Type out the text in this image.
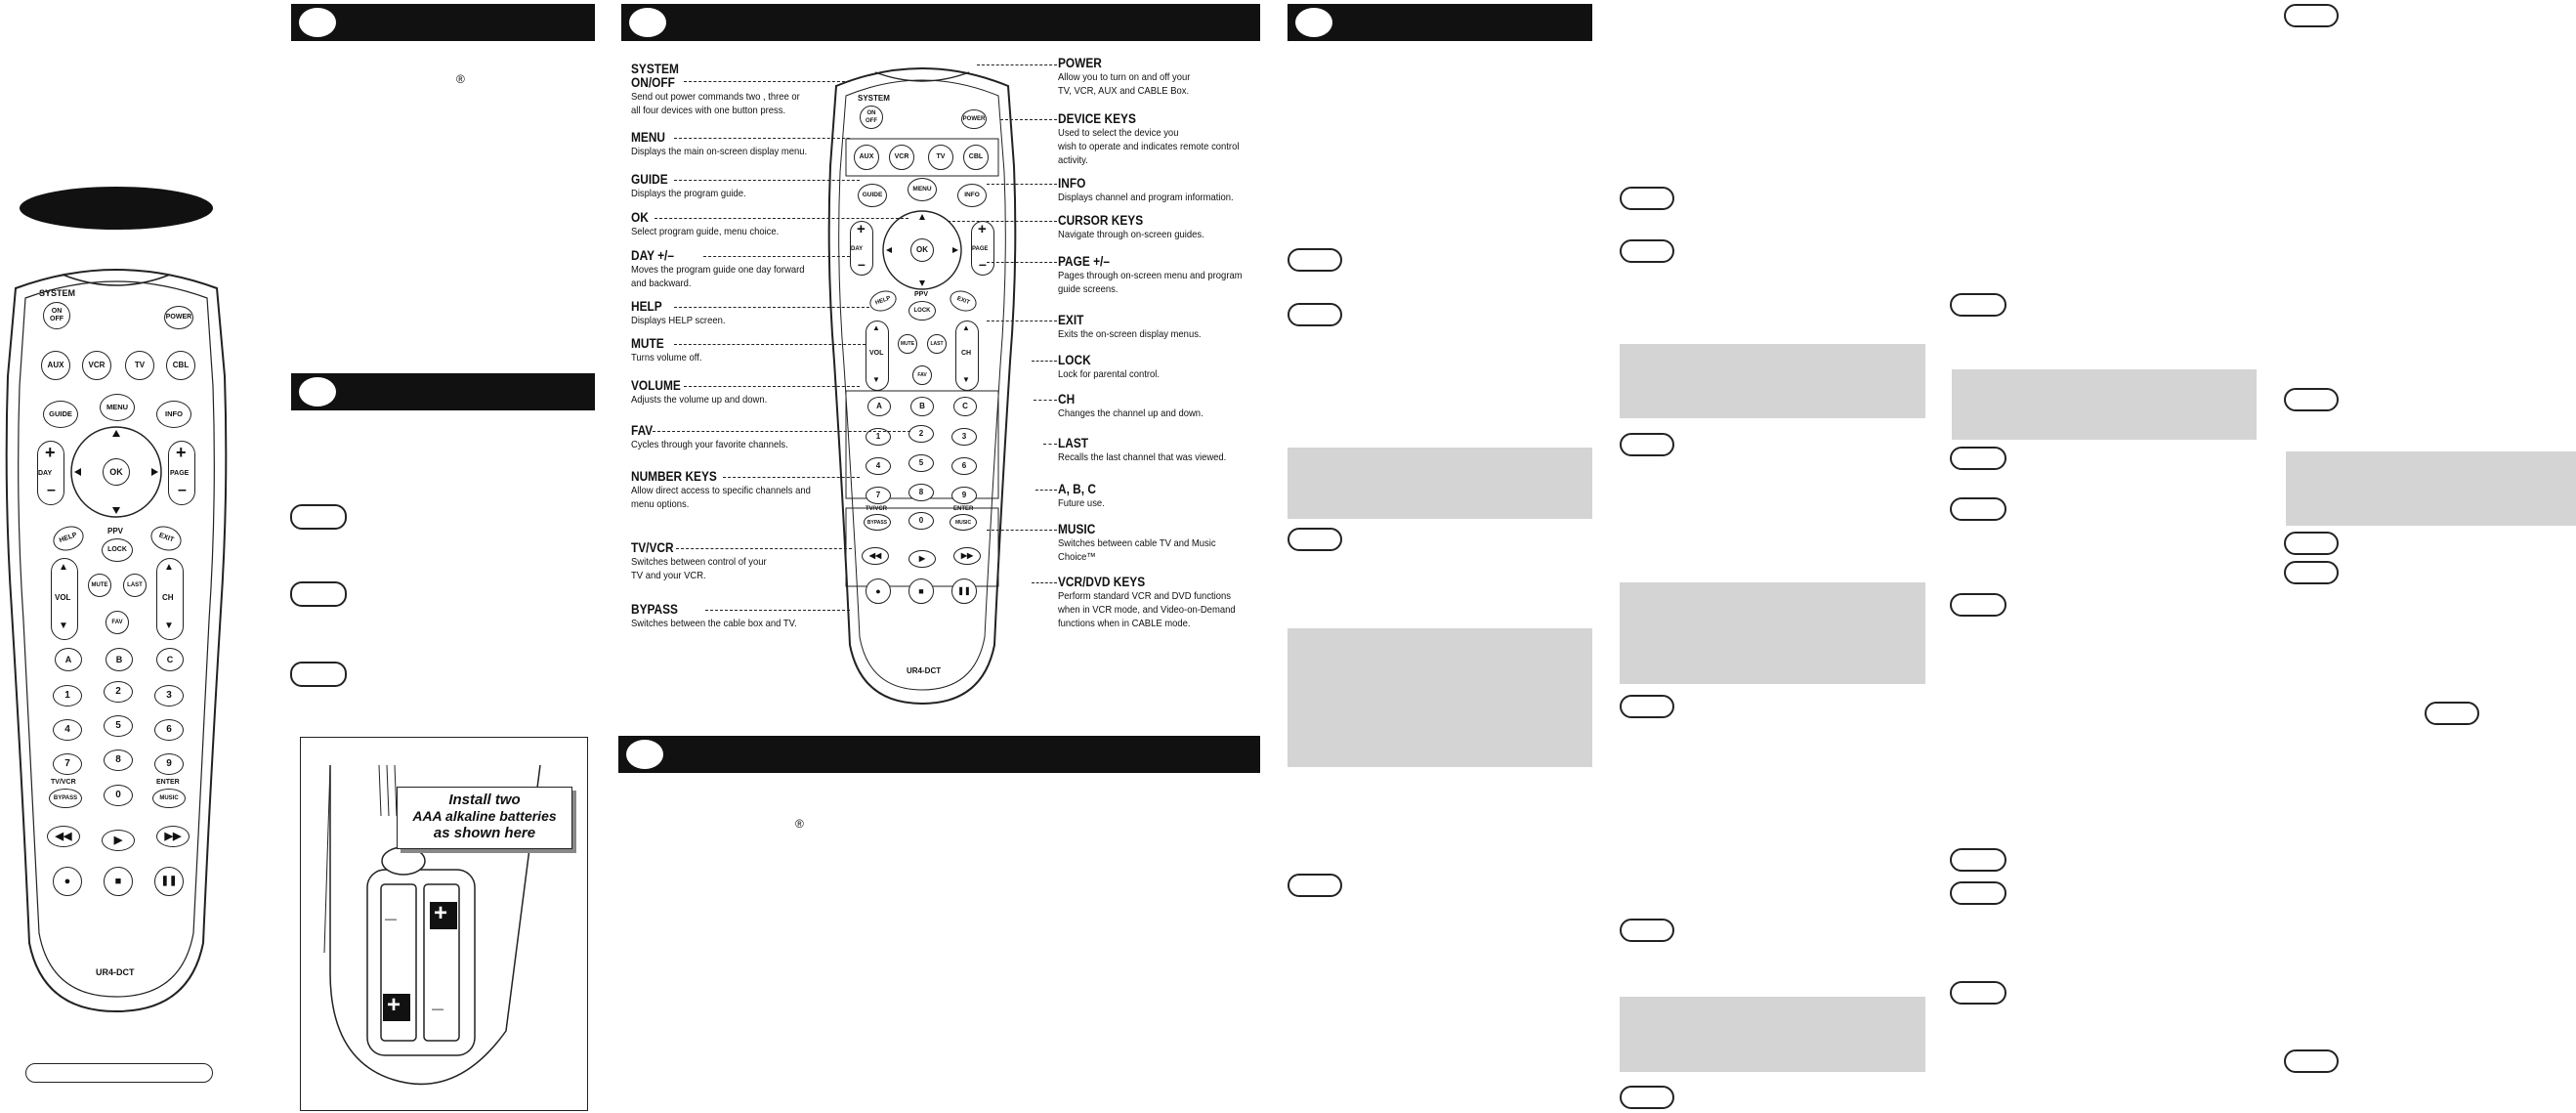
SYSTEM
ON
OFF	POWER
AUX	VCR	TV	CBL
GUIDE
MENU
INFO
OK
+
DAY
–
+
PAGE
–
HELP
PPV
LOCK
EXIT
▲
VOL
▼
MUTE	LAST
▲
CH
▼
FAV
A	B	C
1	2	3
4	5	6
7	8	9
TV/VCR
BYPASS	0
ENTER
MUSIC
◀◀	▶	▶▶
●	■	❚❚
UR4-DCT
®
+
—
+	—
Install two
AAA alkaline batteries
as shown here
®
SYSTEM
ON
OFF	POWER
AUX	VCR	TV	CBL
GUIDE
MENU
INFO
OK
+
DAY
–
+
PAGE
–
HELP
PPV
LOCK
EXIT
▲
VOL
▼
MUTE	LAST
▲
CH
▼
FAV
A	B	C
1	2	3
4	5	6
7	8	9
TV/VCR
BYPASS	0
ENTER
MUSIC
◀◀	▶	▶▶
●	■	❚❚
UR4-DCT
SYSTEM
ON/OFF
Send out power commands two , three or
all four devices with one button press.
MENU
Displays the main on-screen display menu.
GUIDE
Displays the program guide.
OK
Select program guide, menu choice.
DAY +/–
Moves the program guide one day forward
and backward.
HELP
Displays HELP screen.
MUTE
Turns volume off.
VOLUME
Adjusts the volume up and down.
FAV
Cycles through your favorite channels.
NUMBER KEYS
Allow direct access to specific channels and
menu options.
TV/VCR
Switches between control of your
TV and your VCR.
BYPASS
Switches between the cable box and TV.
POWER
Allow you to turn on and off your
TV, VCR, AUX and CABLE Box.
DEVICE KEYS
Used to select the device you
wish to operate and indicates remote control
activity.
INFO
Displays channel and program information.
CURSOR KEYS
Navigate through on-screen guides.
PAGE +/–
Pages through on-screen menu and program
guide screens.
EXIT
Exits the on-screen display menus.
LOCK
Lock for parental control.
CH
Changes the channel up and down.
LAST
Recalls the last channel that was viewed.
A, B, C
Future use.
MUSIC
Switches between cable TV and Music Choice™
VCR/DVD KEYS
Perform standard VCR and DVD functions
when in VCR mode, and Video-on-Demand
functions when in CABLE mode.
